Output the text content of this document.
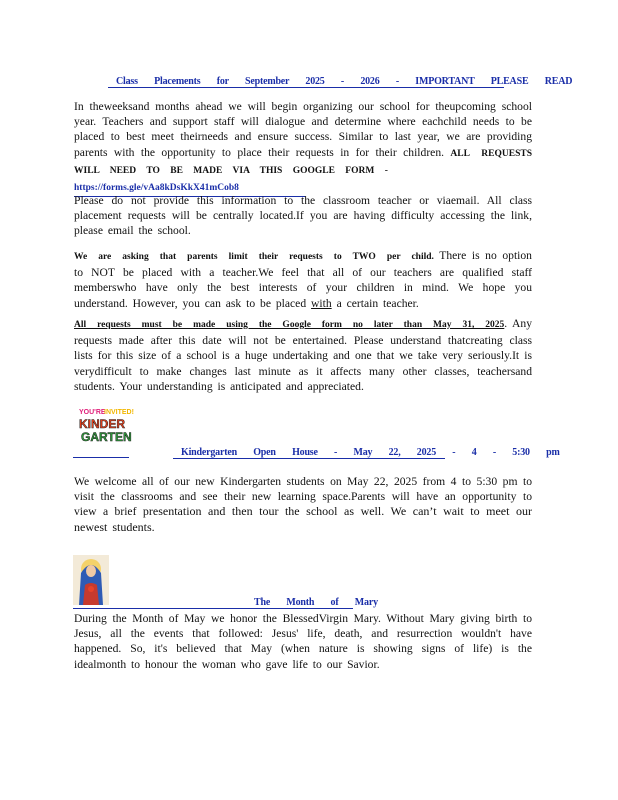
Class Placements for September 2025 - 2026 - IMPORTANT PLEASE READ
In theweeksand months ahead we will begin organizing our school for theupcoming school year. Teachers and support staff will dialogue and determine where eachchild needs to be placed to best meet theirneeds and ensure success. Similar to last year, we are providing parents with the opportunity to place their requests in for their children. ALL REQUESTS WILL NEED TO BE MADE VIA THIS GOOGLE FORM -
https://forms.gle/vAa8kDsKkX41mCob8
Please do not provide this information to the classroom teacher or viaemail. All class placement requests will be centrally located.If you are having difficulty accessing the link, please email the school.
We are asking that parents limit their requests to TWO per child. There is no option to NOT be placed with a teacher.We feel that all of our teachers are qualified staff memberswho have only the best interests of your children in mind. We hope you understand. However, you can ask to be placed with a certain teacher.
All requests must be made using the Google form no later than May 31, 2025. Any requests made after this date will not be entertained. Please understand thatcreating class lists for this size of a school is a huge undertaking and one that we take very seriously.It is verydifficult to make changes last minute as it affects many other classes, teachersand students. Your understanding is anticipated and appreciated.
YOU'RE
INVITED!
KINDER
GARTEN
Kindergarten Open House - May 22, 2025 - 4 - 5:30 pm
We welcome all of our new Kindergarten students on May 22, 2025 from 4 to 5:30 pm to visit the classrooms and see their new learning space.Parents will have an opportunity to view a brief presentation and then tour the school as well. We can’t wait to meet our newest students.
The Month of Mary
During the Month of May we honor the BlessedVirgin Mary. Without Mary giving birth to Jesus, all the events that followed: Jesus' life, death, and resurrection wouldn't have happened. So, it's believed that May (when nature is showing signs of life) is the idealmonth to honour the woman who gave life to our Savior.
